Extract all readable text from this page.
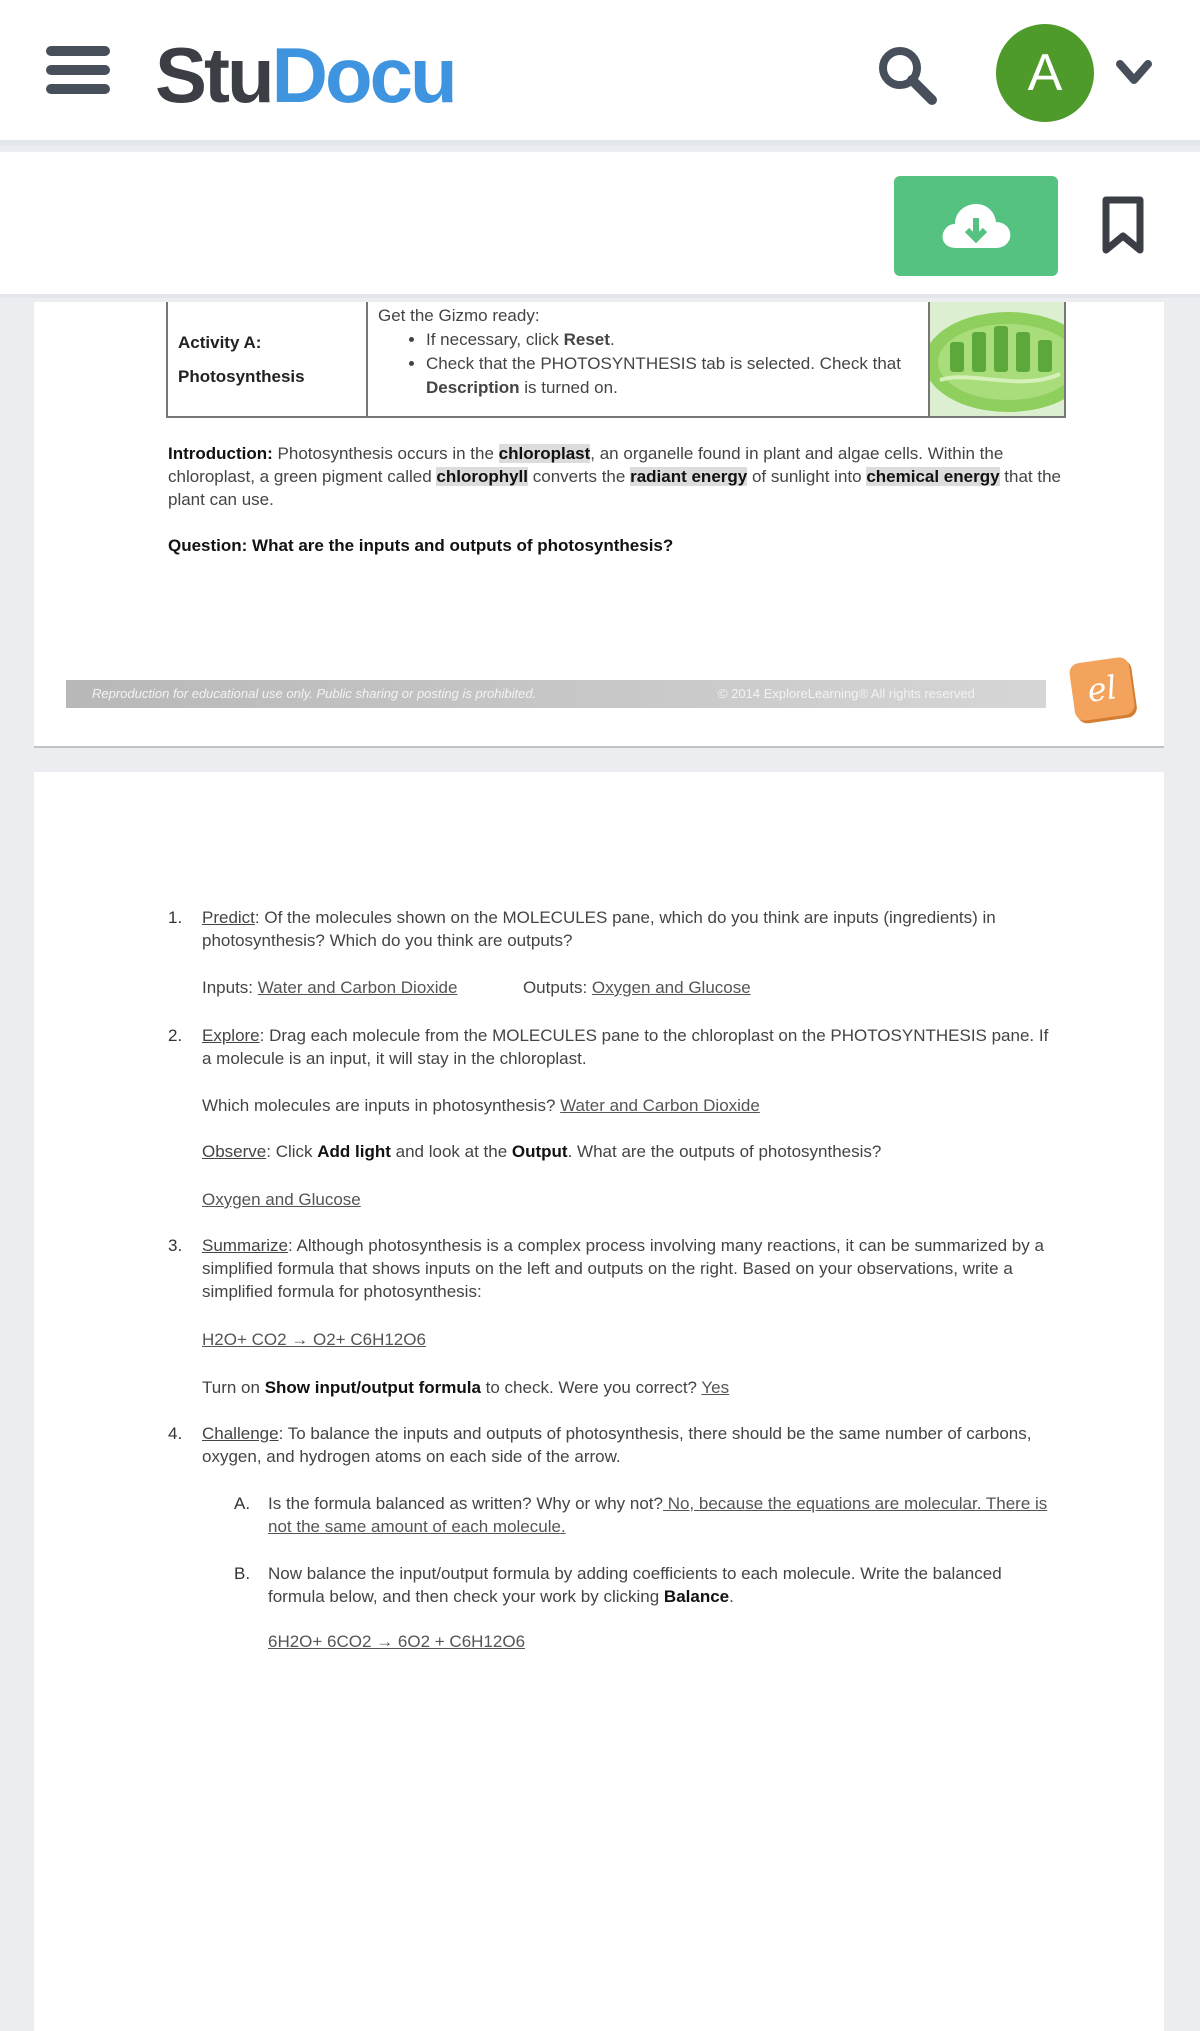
StuDocu	A
Activity A:
Photosynthesis
Get the Gizmo ready:
• If necessary, click Reset.
• Check that the PHOTOSYNTHESIS tab is selected. Check that Description is turned on.
Introduction: Photosynthesis occurs in the chloroplast, an organelle found in plant and algae cells. Within the chloroplast, a green pigment called chlorophyll converts the radiant energy of sunlight into chemical energy that the plant can use.
Question: What are the inputs and outputs of photosynthesis?
Reproduction for educational use only. Public sharing or posting is prohibited.	© 2014 ExploreLearning® All rights reserved	el
1. Predict: Of the molecules shown on the MOLECULES pane, which do you think are inputs (ingredients) in photosynthesis? Which do you think are outputs?
Inputs: Water and Carbon Dioxide	Outputs: Oxygen and Glucose
2. Explore: Drag each molecule from the MOLECULES pane to the chloroplast on the PHOTOSYNTHESIS pane. If a molecule is an input, it will stay in the chloroplast.
Which molecules are inputs in photosynthesis? Water and Carbon Dioxide
Observe: Click Add light and look at the Output. What are the outputs of photosynthesis?
Oxygen and Glucose
3. Summarize: Although photosynthesis is a complex process involving many reactions, it can be summarized by a simplified formula that shows inputs on the left and outputs on the right. Based on your observations, write a simplified formula for photosynthesis:
H2O+ CO2 → O2+ C6H12O6
Turn on Show input/output formula to check. Were you correct? Yes
4. Challenge: To balance the inputs and outputs of photosynthesis, there should be the same number of carbons, oxygen, and hydrogen atoms on each side of the arrow.
A. Is the formula balanced as written? Why or why not? No, because the equations are molecular. There is not the same amount of each molecule.
B. Now balance the input/output formula by adding coefficients to each molecule. Write the balanced formula below, and then check your work by clicking Balance.
6H2O+ 6CO2 → 6O2 + C6H12O6
